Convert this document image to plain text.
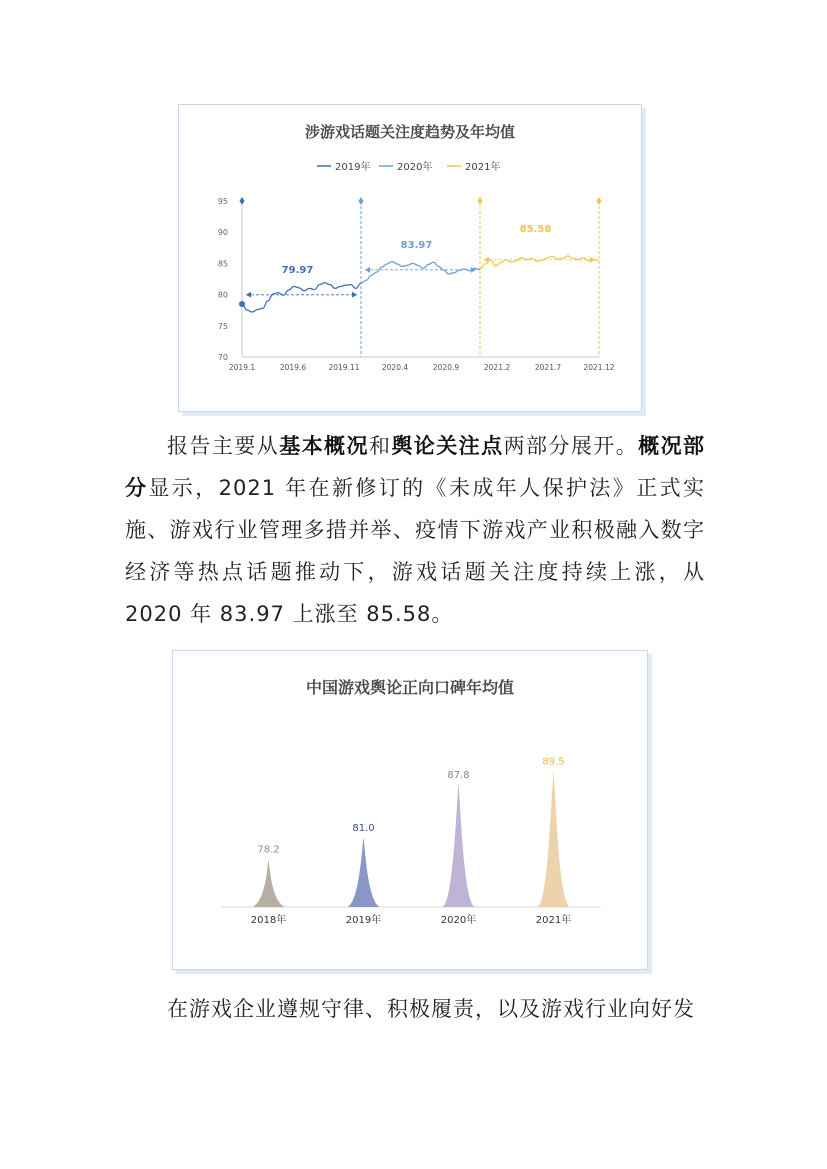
涉游戏话题关注度趋势及年均值
2019年	2020年	2021年
95
90
85
80
75
70
2019.1	2019.6	2019.11	2020.4	2020.9	2021.2	2021.7	2021.12
79.97
83.97
85.58
报告主要从基本概况和舆论关注点两部分展开。概况部分显示，2021 年在新修订的《未成年人保护法》正式实施、游戏行业管理多措并举、疫情下游戏产业积极融入数字经济等热点话题推动下，游戏话题关注度持续上涨，从 2020 年 83.97 上涨至 85.58。
中国游戏舆论正向口碑年均值
78.2
2018年
81.0
2019年
87.8
2020年
89.5
2021年
在游戏企业遵规守律、积极履责，以及游戏行业向好发
